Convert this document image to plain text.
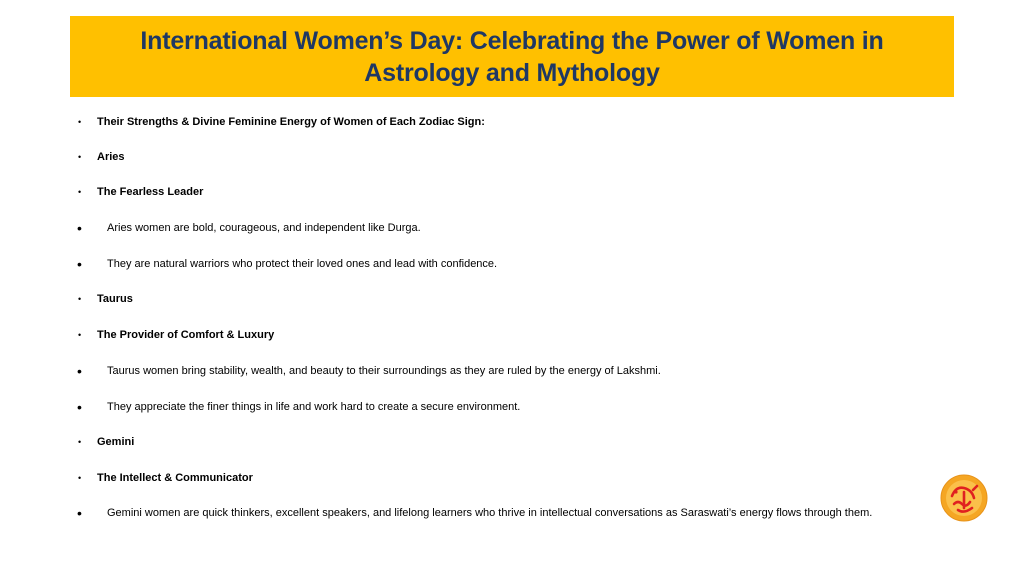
International Women’s Day: Celebrating the Power of Women in Astrology and Mythology
• Their Strengths & Divine Feminine Energy of Women of Each Zodiac Sign:
• Aries
• The Fearless Leader
• Aries women are bold, courageous, and independent like Durga.
• They are natural warriors who protect their loved ones and lead with confidence.
• Taurus
• The Provider of Comfort & Luxury
• Taurus women bring stability, wealth, and beauty to their surroundings as they are ruled by the energy of Lakshmi.
• They appreciate the finer things in life and work hard to create a secure environment.
• Gemini
• The Intellect & Communicator
• Gemini women are quick thinkers, excellent speakers, and lifelong learners who thrive in intellectual conversations as Saraswati’s energy flows through them.
